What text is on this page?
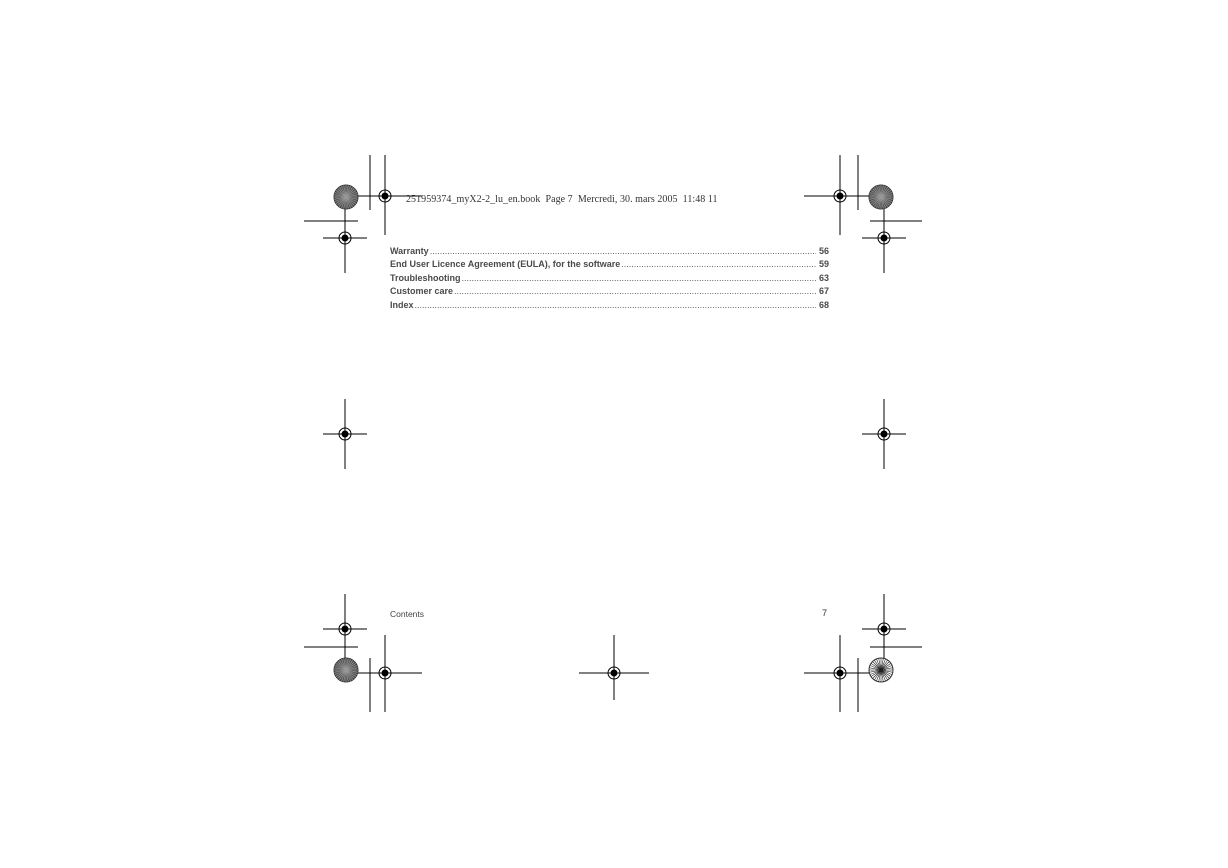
251959374_myX2-2_lu_en.book  Page 7  Mercredi, 30. mars 2005  11:48 11
Warranty .....	56
End User Licence Agreement (EULA), for the software .....	59
Troubleshooting .....	63
Customer care .....	67
Index .....	68
Contents	7
